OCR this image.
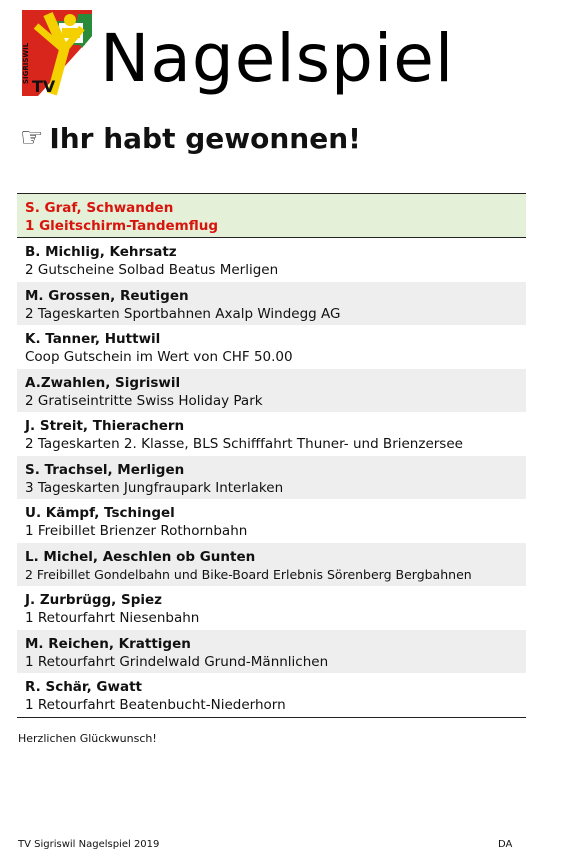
TV
SIGRISWIL Nagelspiel
☞ Ihr habt gewonnen!
S. Graf, Schwanden
1 Gleitschirm-Tandemflug
B. Michlig, Kehrsatz
2 Gutscheine Solbad Beatus Merligen
M. Grossen, Reutigen
2 Tageskarten Sportbahnen Axalp Windegg AG
K. Tanner, Huttwil
Coop Gutschein im Wert von CHF 50.00
A.Zwahlen, Sigriswil
2 Gratiseintritte Swiss Holiday Park
J. Streit, Thierachern
2 Tageskarten 2. Klasse, BLS Schifffahrt Thuner- und Brienzersee
S. Trachsel, Merligen
3 Tageskarten Jungfraupark Interlaken
U. Kämpf, Tschingel
1 Freibillet Brienzer Rothornbahn
L. Michel, Aeschlen ob Gunten
2 Freibillet Gondelbahn und Bike-Board Erlebnis Sörenberg Bergbahnen
J. Zurbrügg, Spiez
1 Retourfahrt Niesenbahn
M. Reichen, Krattigen
1 Retourfahrt Grindelwald Grund-Männlichen
R. Schär, Gwatt
1 Retourfahrt Beatenbucht-Niederhorn
Herzlichen Glückwunsch!
TV Sigriswil Nagelspiel 2019	DA
